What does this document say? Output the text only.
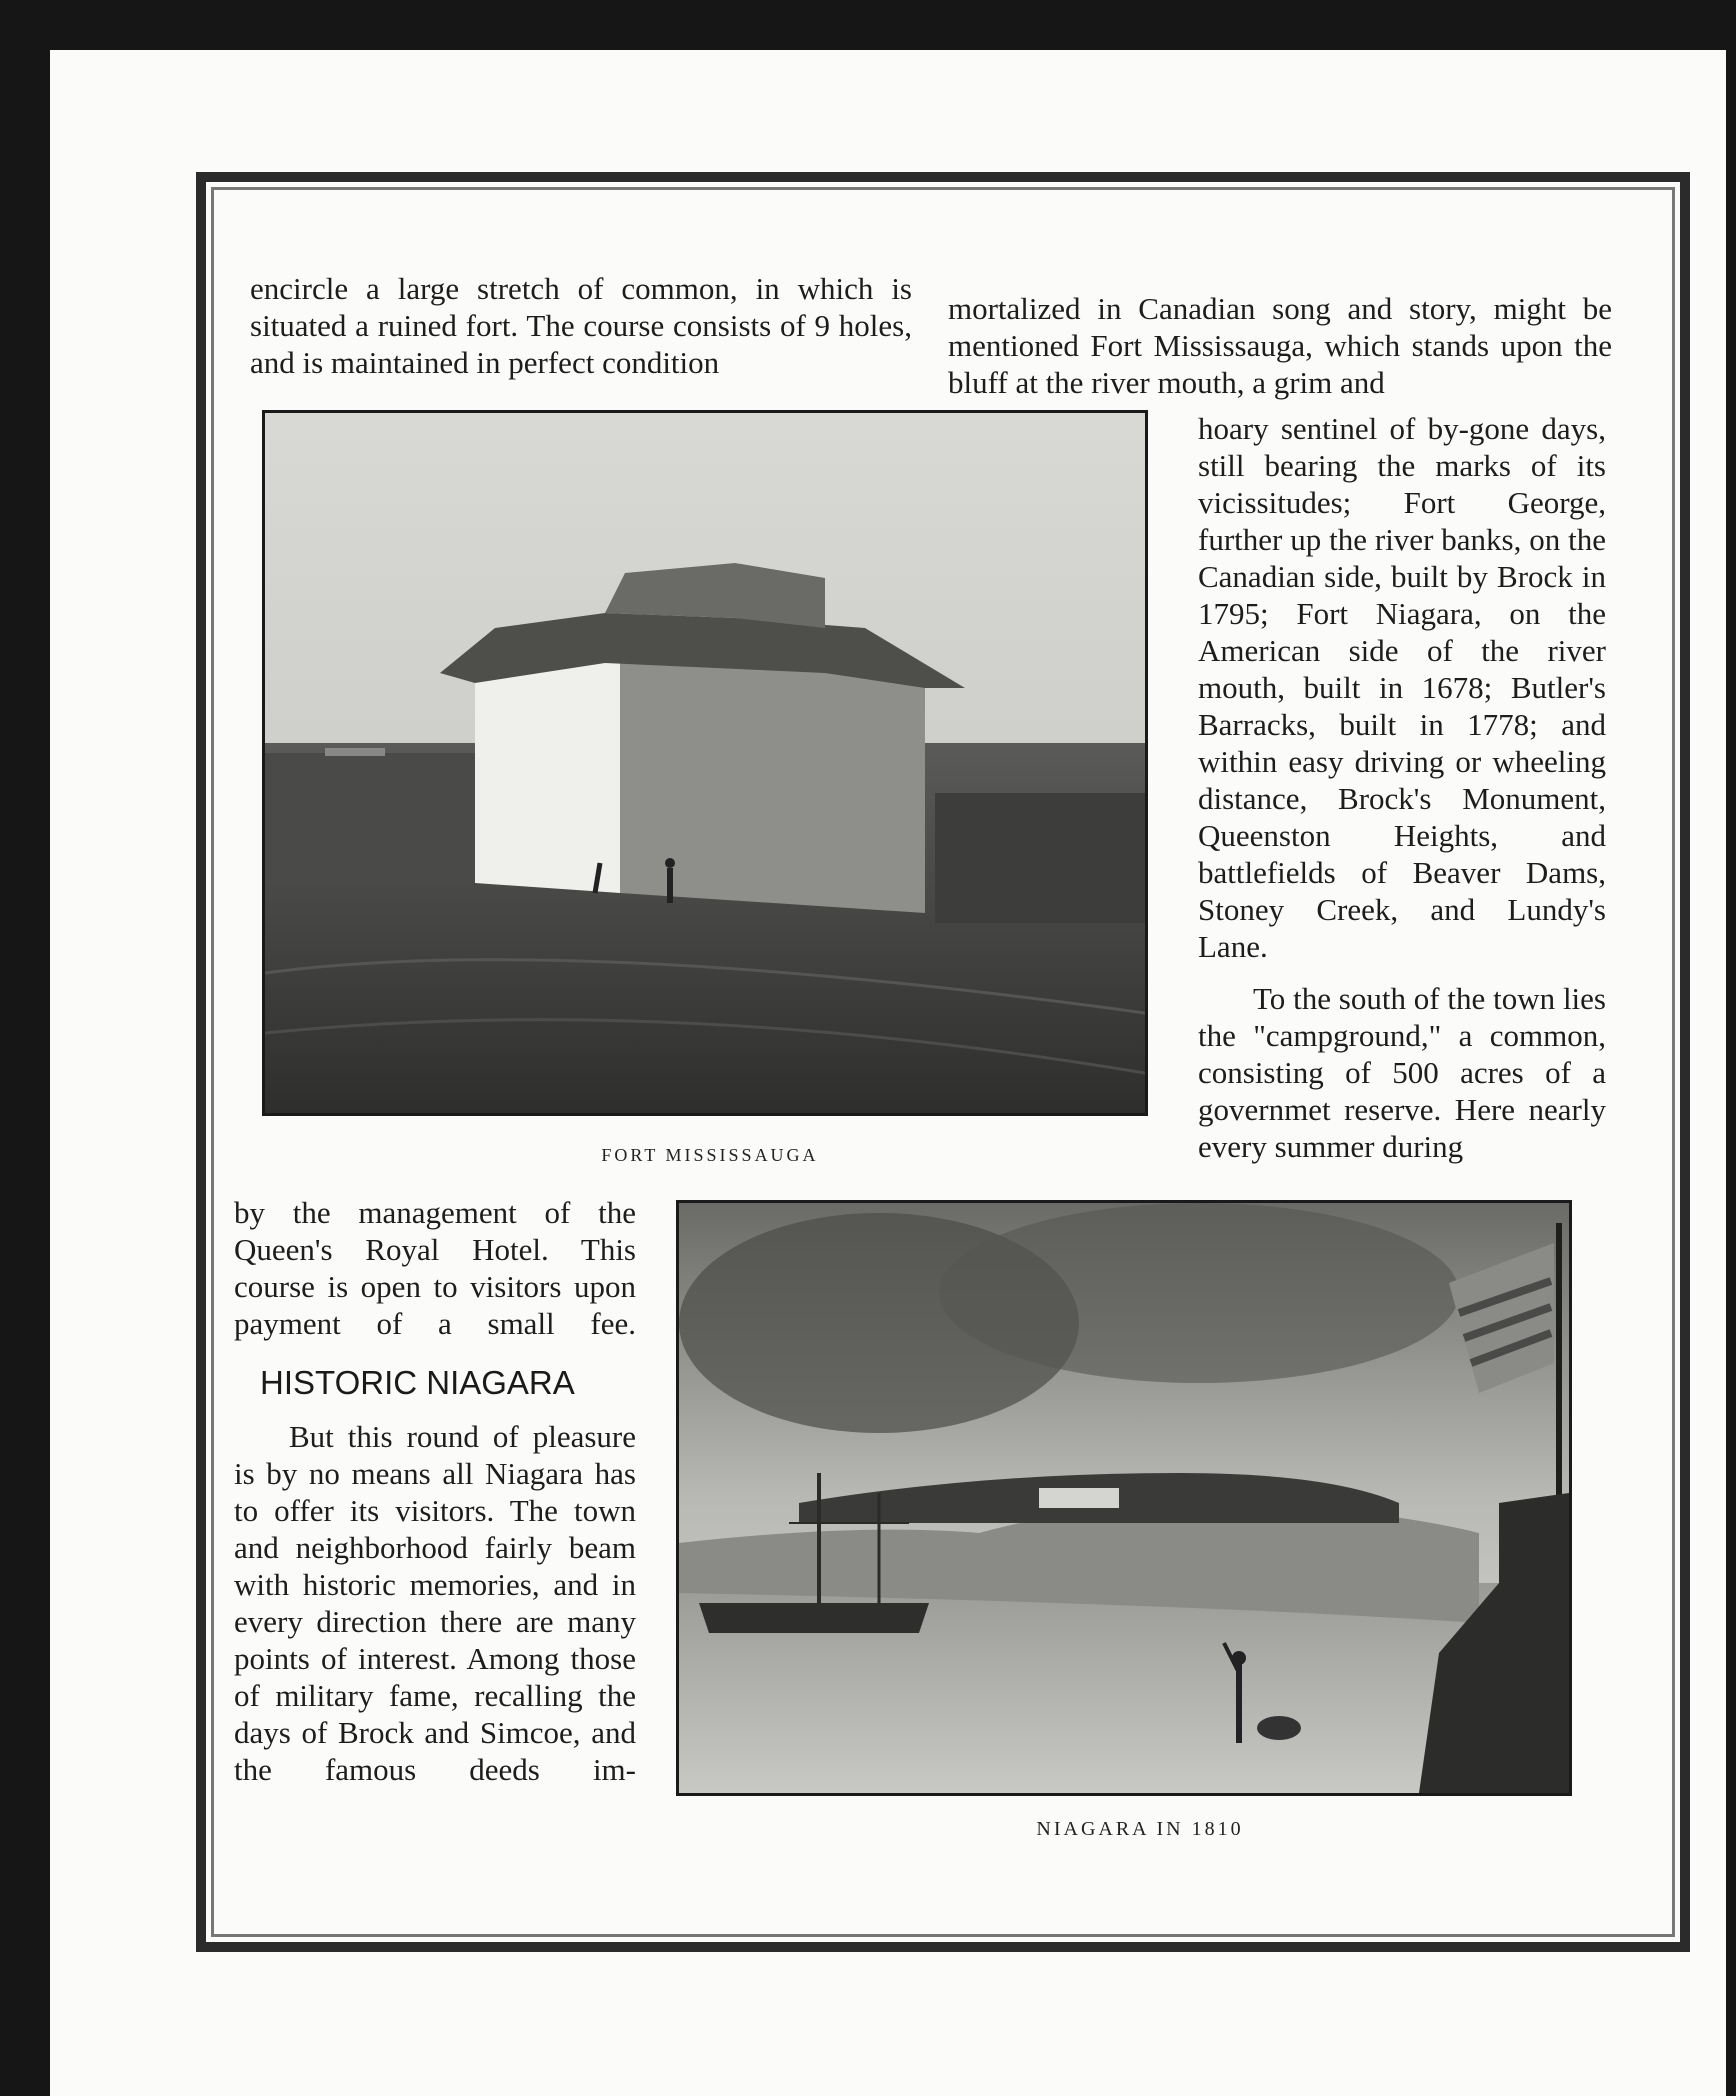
encircle a large stretch of common, in which is situated a ruined fort. The course consists of 9 holes, and is maintained in perfect condition

mortalized in Canadian song and story, might be mentioned Fort Mississauga, which stands upon the bluff at the river mouth, a grim and

FORT MISSISSAUGA

hoary sentinel of by-gone days, still bearing the marks of its vicissitudes; Fort George, further up the river banks, on the Canadian side, built by Brock in 1795; Fort Niagara, on the American side of the river mouth, built in 1678; Butler's Barracks, built in 1778; and within easy driving or wheeling distance, Brock's Monument, Queenston Heights, and battlefields of Beaver Dams, Stoney Creek, and Lundy's Lane.

To the south of the town lies the "campground," a common, consisting of 500 acres of a governmet reserve. Here nearly every summer during

by the management of the Queen's Royal Hotel. This course is open to visitors upon payment of a small fee.

HISTORIC NIAGARA

But this round of pleasure is by no means all Niagara has to offer its visitors. The town and neighborhood fairly beam with historic memories, and in every direction there are many points of interest. Among those of military fame, recalling the days of Brock and Simcoe, and the famous deeds im-

NIAGARA IN 1810
